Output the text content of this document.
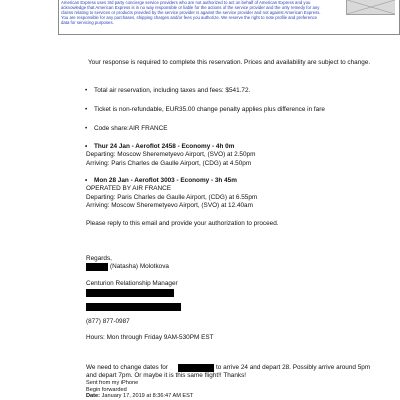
American Express uses 3rd party concierge service providers who are not authorized to act on behalf of American Express and you acknowledge that American Express is in no way responsible or liable for the actions of the service provider and the only remedy for any claims relating to services or products provided by the service provider is against the service provider and not against American Express. You are responsible for any purchases, shipping charges and/or fees you authorize. We reserve the right to note profile and preference data for servicing purposes.

Your response is required to complete this reservation. Prices and availability are subject to change.

• Total air reservation, including taxes and fees: $541.72.

• Ticket is non-refundable, EUR35.00 change penalty applies plus difference in fare

• Code share:AIR FRANCE

• Thur 24 Jan - Aeroflot 2458 - Economy - 4h 0m

Departing: Moscow Sheremetyevo Airport, (SVO) at 2.50pm

Arriving: Paris Charles de Gaulle Airport, (CDG) at 4.50pm

• Mon 28 Jan - Aeroflot 3003 - Economy - 3h 45m

OPERATED BY AIR FRANCE

Departing: Paris Charles de Gaulle Airport, (CDG) at 6.55pm

Arriving: Moscow Sheremetyevo Airport, (SVO) at 12.40am

Please reply to this email and provide your authorization to proceed.

Regards,

(Natasha) Molotkova

Centurion Relationship Manager

(877) 877-0987

Hours: Mon through Friday 9AM-530PM EST

We need to change dates for	to arrive 24 and depart 28. Possibly arrive around 5pm

and depart 7pm. Or maybe it is this same flight!! Thanks!

Sent from my iPhone

Begin forwarded

Date: January 17, 2019 at 8:36:47 AM EST
